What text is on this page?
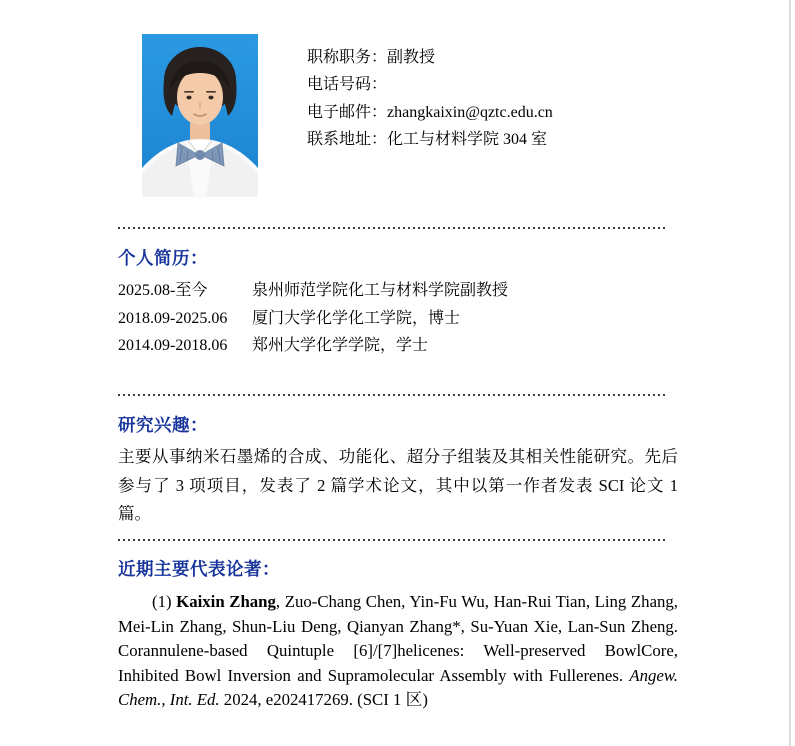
职称职务：副教授
电话号码：
电子邮件：zhangkaixin@qztc.edu.cn
联系地址：化工与材料学院 304 室
个人简历：
2025.08-至今	泉州师范学院化工与材料学院副教授
2018.09-2025.06	厦门大学化学化工学院，博士
2014.09-2018.06	郑州大学化学学院，学士
研究兴趣：

主要从事纳米石墨烯的合成、功能化、超分子组装及其相关性能研究。先后参与了 3 项项目，发表了 2 篇学术论文，其中以第一作者发表 SCI 论文 1 篇。

近期主要代表论著：

(1) Kaixin Zhang, Zuo-Chang Chen, Yin-Fu Wu, Han-Rui Tian, Ling Zhang, Mei-Lin Zhang, Shun-Liu Deng, Qianyan Zhang*, Su-Yuan Xie, Lan-Sun Zheng. Corannulene-based Quintuple [6]/[7]helicenes: Well-preserved BowlCore, Inhibited Bowl Inversion and Supramolecular Assembly with Fullerenes. Angew. Chem., Int. Ed. 2024, e202417269. (SCI 1 区)
